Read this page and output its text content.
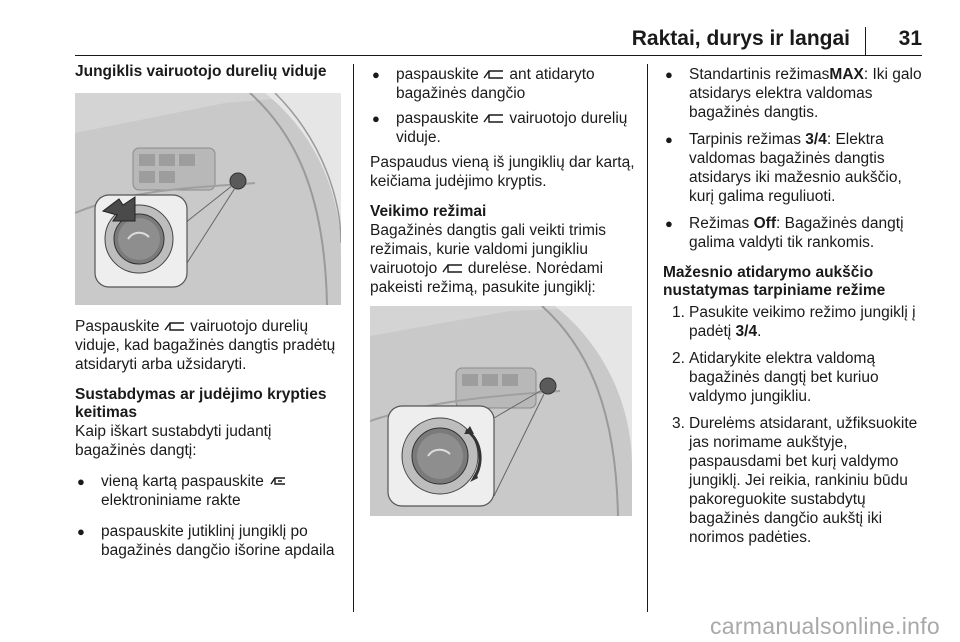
Raktai, durys ir langai 31
Jungiklis vairuotojo durelių viduje

Paspauskite vairuotojo durelių viduje, kad bagažinės dangtis pradėtų atsidaryti arba užsidaryti.

Sustabdymas ar judėjimo krypties keitimas

Kaip iškart sustabdyti judantį bagažinės dangtį:

● vieną kartą paspauskite  elektroniniame rakte

● paspauskite jutiklinį jungiklį po bagažinės dangčio išorine apdaila

● paspauskite ant atidaryto bagažinės dangčio

● paspauskite vairuotojo durelių viduje.

Paspaudus vieną iš jungiklių dar kartą, keičiama judėjimo kryptis.

Veikimo režimai

Bagažinės dangtis gali veikti trimis režimais, kurie valdomi jungikliu vairuotojo durelėse. Norėdami pakeisti režimą, pasukite jungiklį:

● Standartinis režimasMAX: Iki galo atsidarys elektra valdomas bagažinės dangtis.

● Tarpinis režimas 3/4: Elektra valdomas bagažinės dangtis atsidarys iki mažesnio aukščio, kurį galima reguliuoti.

● Režimas Off: Bagažinės dangtį galima valdyti tik rankomis.

Mažesnio atidarymo aukščio nustatymas tarpiniame režime

1. Pasukite veikimo režimo jungiklį į padėtį 3/4.

2. Atidarykite elektra valdomą bagažinės dangtį bet kuriuo valdymo jungikliu.

3. Durelėms atsidarant, užfiksuokite jas norimame aukštyje, paspausdami bet kurį valdymo jungiklį. Jei reikia, rankiniu būdu pakoreguokite sustabdytų bagažinės dangčio aukštį iki norimos padėties.

carmanualsonline.info
